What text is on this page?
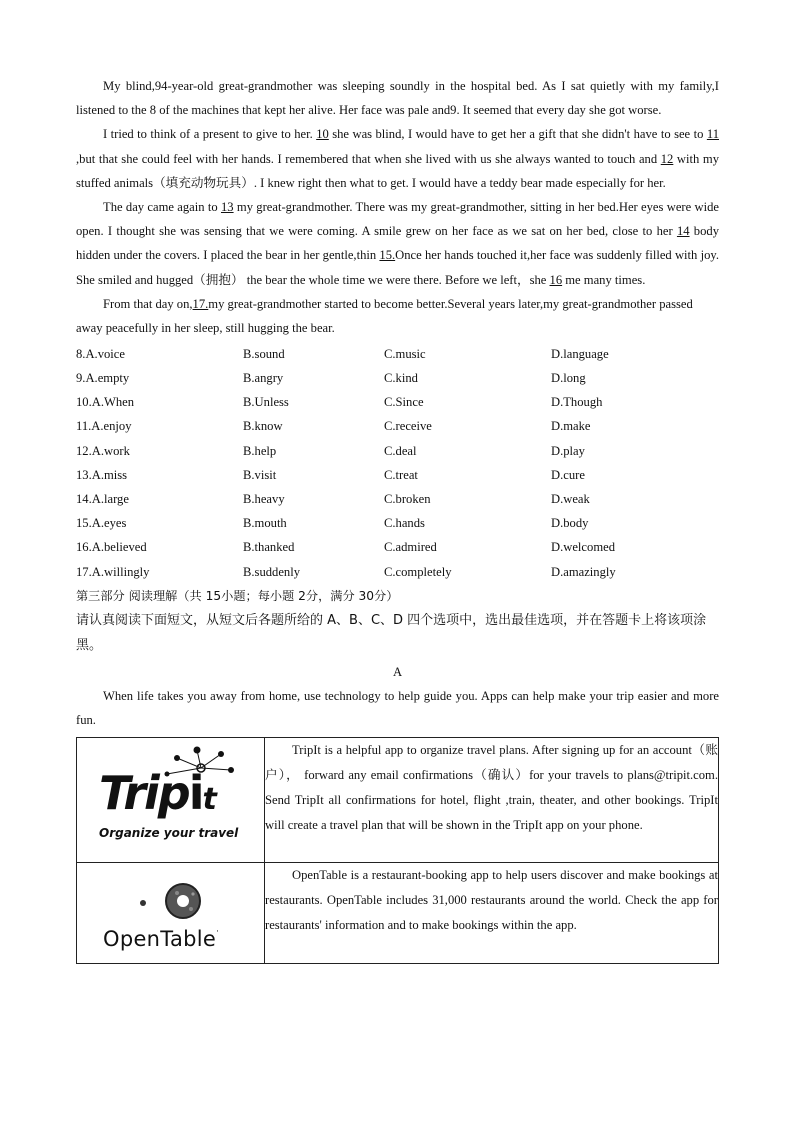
My blind,94-year-old great-grandmother was sleeping soundly in the hospital bed. As I sat quietly with my family,I listened to the 8 of the machines that kept her alive. Her face was pale and9. It seemed that every day she got worse.

I tried to think of a present to give to her. 10 she was blind, I would have to get her a gift that she didn't have to see to 11 ,but that she could feel with her hands. I remembered that when she lived with us she always wanted to touch and 12 with my stuffed animals（填充动物玩具）. I knew right then what to get. I would have a teddy bear made especially for her.

The day came again to 13 my great-grandmother. There was my great-grandmother, sitting in her bed.Her eyes were wide open. I thought she was sensing that we were coming. A smile grew on her face as we sat on her bed, close to her 14 body hidden under the covers. I placed the bear in her gentle,thin 15.Once her hands touched it,her face was suddenly filled with joy. She smiled and hugged（拥抱） the bear the whole time we were there. Before we left，she 16 me many times.

From that day on,17.my great-grandmother started to become better.Several years later,my great-grandmother passed away peacefully in her sleep, still hugging the bear.

8.A.voice	B.sound	C.music	D.language
9.A.empty	B.angry	C.kind	D.long
10.A.When	B.Unless	C.Since	D.Though
11.A.enjoy	B.know	C.receive	D.make
12.A.work	B.help	C.deal	D.play
13.A.miss	B.visit	C.treat	D.cure
14.A.large	B.heavy	C.broken	D.weak
15.A.eyes	B.mouth	C.hands	D.body
16.A.believed	B.thanked	C.admired	D.welcomed
17.A.willingly	B.suddenly	C.completely	D.amazingly
第三部分 阅读理解（共 15小题；每小题 2分，满分 30分）

请认真阅读下面短文，从短文后各题所给的 A、B、C、D 四个选项中，选出最佳选项，并在答题卡上将该项涂黑。

A

When life takes you away from home, use technology to help guide you. Apps can help make your trip easier and more fun.

Tripit
Organize your travel	TripIt is a helpful app to organize travel plans. After signing up for an account（账户）， forward any email confirmations（确认）for your travels to plans@tripit.com. Send TripIt all confirmations for hotel, flight ,train, theater, and other bookings. TripIt will create a travel plan that will be shown in the TripIt app on your phone.

OpenTable·	OpenTable is a restaurant-booking app to help users discover and make bookings at restaurants. OpenTable includes 31,000 restaurants around the world. Check the app for restaurants' information and to make bookings within the app.
